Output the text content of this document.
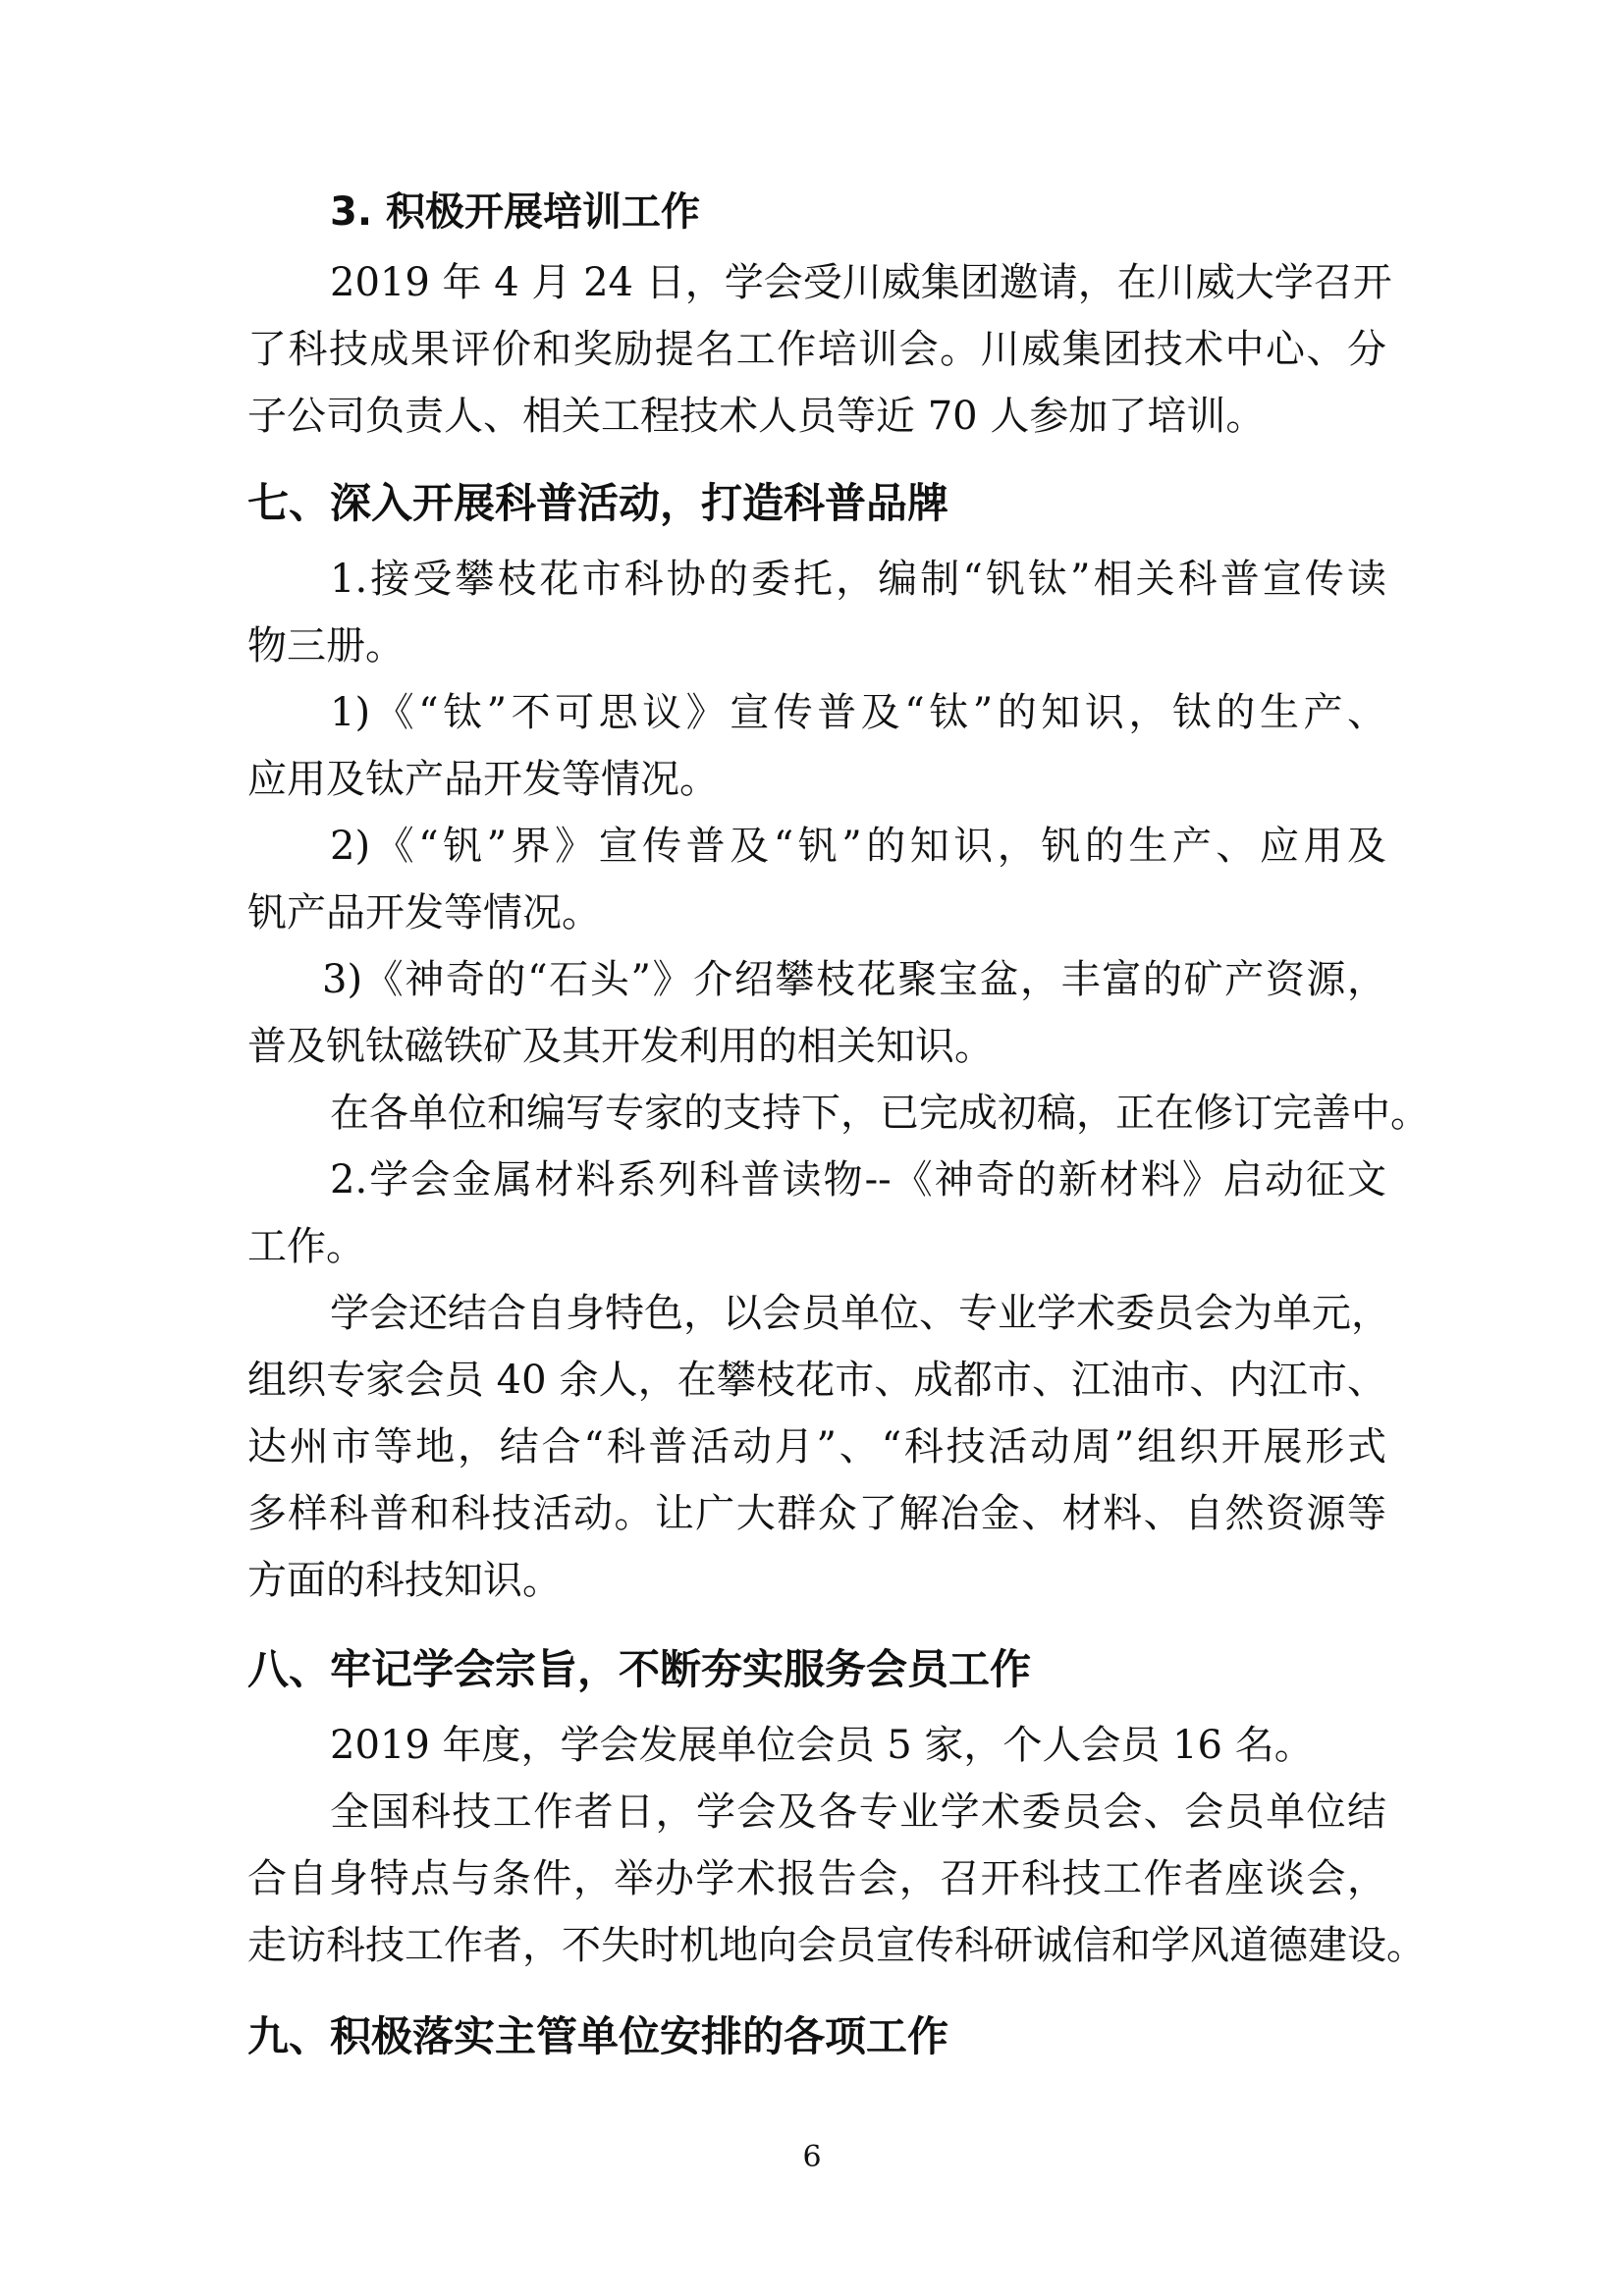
3. 积极开展培训工作
2019 年 4 月 24 日，学会受川威集团邀请，在川威大学召开
了科技成果评价和奖励提名工作培训会。川威集团技术中心、分
子公司负责人、相关工程技术人员等近 70 人参加了培训。
七、深入开展科普活动，打造科普品牌
1.接受攀枝花市科协的委托，编制“钒钛”相关科普宣传读
物三册。
1)《“钛”不可思议》宣传普及“钛”的知识，钛的生产、
应用及钛产品开发等情况。
2)《“钒”界》宣传普及“钒”的知识，钒的生产、应用及
钒产品开发等情况。
3)《神奇的“石头”》介绍攀枝花聚宝盆，丰富的矿产资源，
普及钒钛磁铁矿及其开发利用的相关知识。
在各单位和编写专家的支持下，已完成初稿，正在修订完善中。
2.学会金属材料系列科普读物--《神奇的新材料》启动征文
工作。
学会还结合自身特色，以会员单位、专业学术委员会为单元，
组织专家会员 40 余人，在攀枝花市、成都市、江油市、内江市、
达州市等地，结合“科普活动月”、“科技活动周”组织开展形式
多样科普和科技活动。让广大群众了解冶金、材料、自然资源等
方面的科技知识。
八、牢记学会宗旨，不断夯实服务会员工作
2019 年度，学会发展单位会员 5 家，个人会员 16 名。
全国科技工作者日，学会及各专业学术委员会、会员单位结
合自身特点与条件，举办学术报告会，召开科技工作者座谈会，
走访科技工作者，不失时机地向会员宣传科研诚信和学风道德建设。
九、积极落实主管单位安排的各项工作
6
